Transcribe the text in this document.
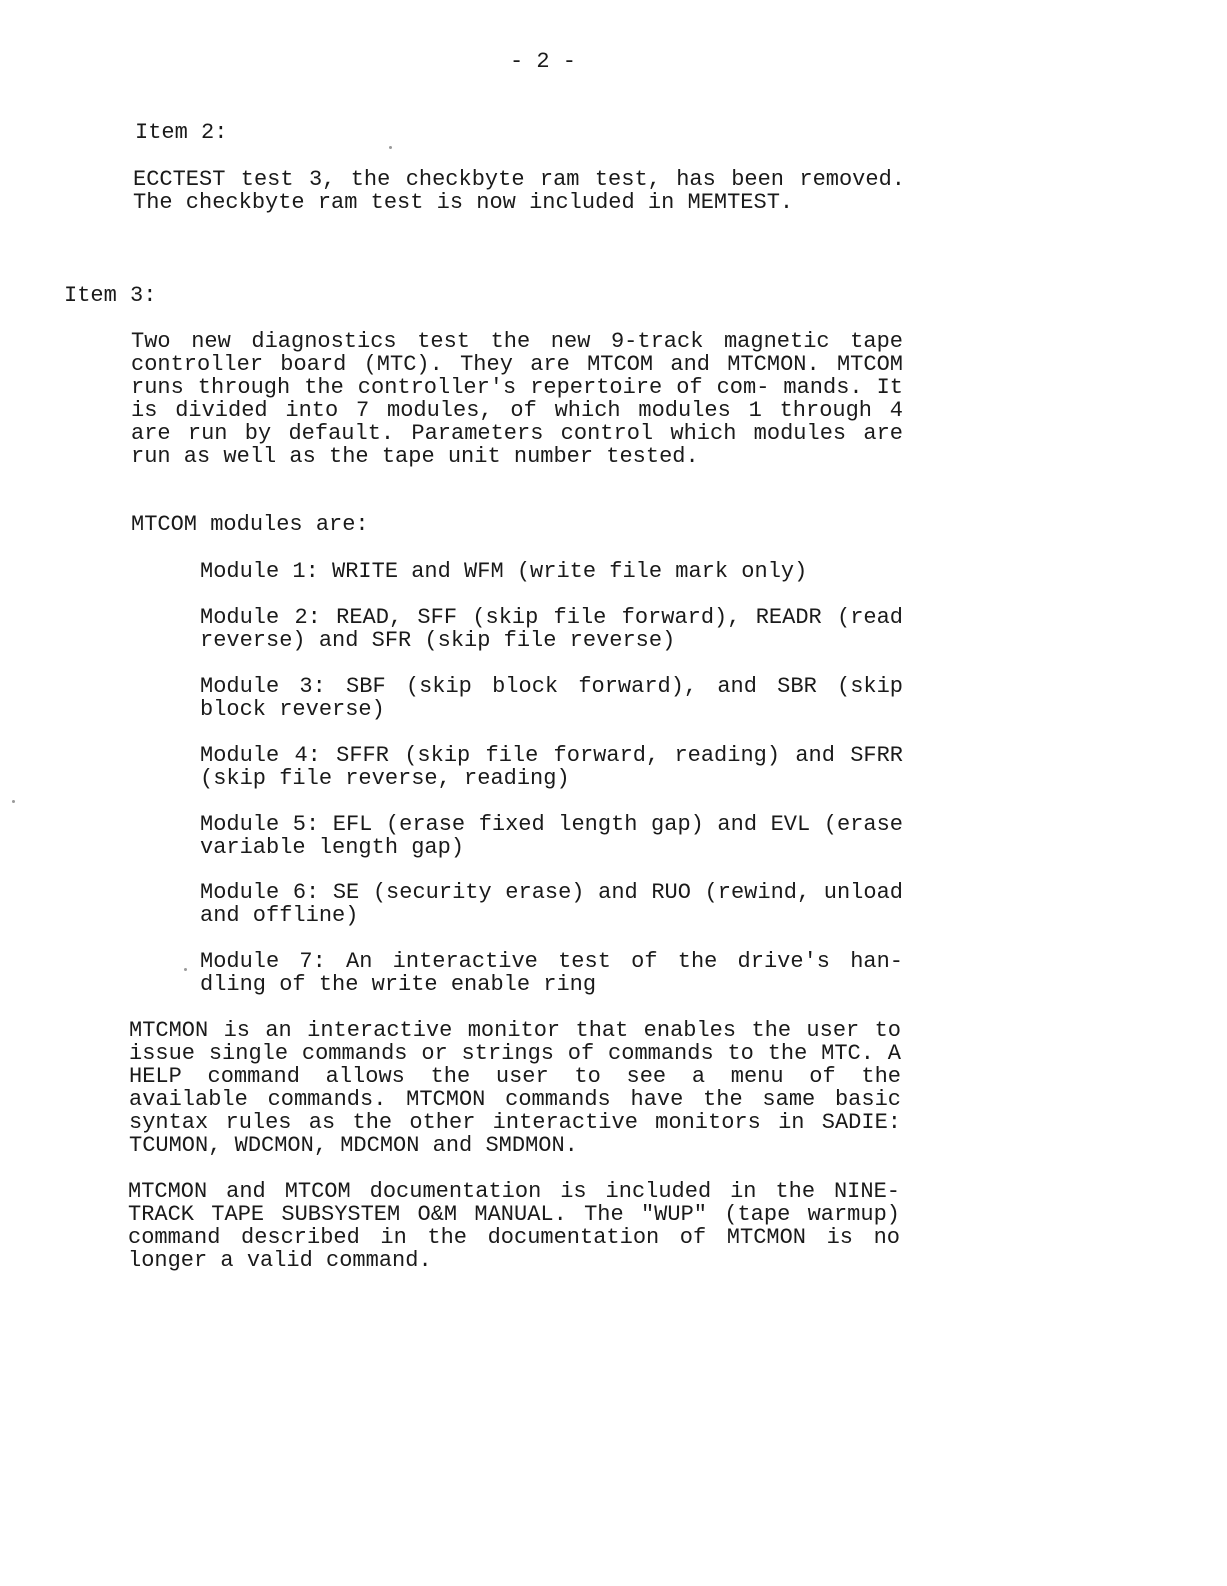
- 2 -
Item 2:

ECCTEST test 3, the checkbyte ram test, has been removed. The checkbyte ram test is now included in MEMTEST.

Item 3:

Two new diagnostics test the new 9-track magnetic tape controller board (MTC). They are MTCOM and MTCMON. MTCOM runs through the controller's repertoire of com- mands. It is divided into 7 modules, of which modules 1 through 4 are run by default. Parameters control which modules are run as well as the tape unit number tested.

MTCOM modules are:

Module 1: WRITE and WFM (write file mark only)

Module 2: READ, SFF (skip file forward), READR (read reverse) and SFR (skip file reverse)

Module 3: SBF (skip block forward), and SBR (skip block reverse)

Module 4: SFFR (skip file forward, reading) and SFRR (skip file reverse, reading)

Module 5: EFL (erase fixed length gap) and EVL (erase variable length gap)

Module 6: SE (security erase) and RUO (rewind, unload and offline)

Module 7: An interactive test of the drive's han- dling of the write enable ring

MTCMON is an interactive monitor that enables the user to issue single commands or strings of commands to the MTC. A HELP command allows the user to see a menu of the available commands. MTCMON commands have the same basic syntax rules as the other interactive monitors in SADIE: TCUMON, WDCMON, MDCMON and SMDMON.

MTCMON and MTCOM documentation is included in the NINE-TRACK TAPE SUBSYSTEM O&M MANUAL. The "WUP" (tape warmup) command described in the documentation of MTCMON is no longer a valid command.
